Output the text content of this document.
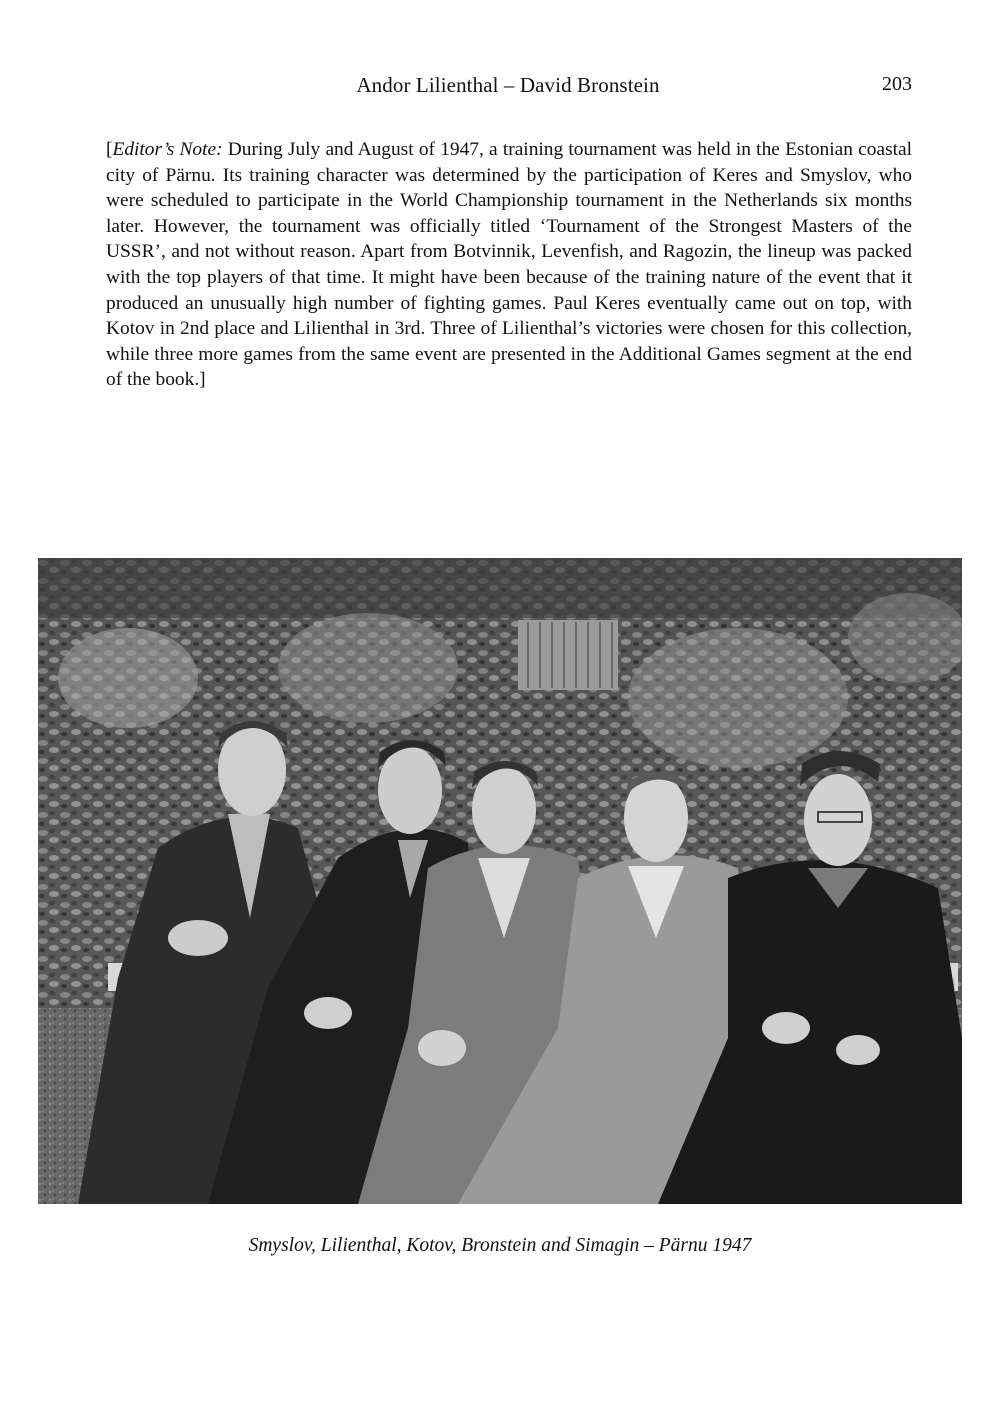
Andor Lilienthal – David Bronstein	203

[Editor’s Note: During July and August of 1947, a training tournament was held in the Estonian coastal city of Pärnu. Its training character was determined by the participation of Keres and Smyslov, who were scheduled to participate in the World Championship tournament in the Netherlands six months later. However, the tournament was officially titled ‘Tournament of the Strongest Masters of the USSR’, and not without reason. Apart from Botvinnik, Levenfish, and Ragozin, the lineup was packed with the top players of that time. It might have been because of the training nature of the event that it produced an unusually high number of fighting games. Paul Keres eventually came out on top, with Kotov in 2nd place and Lilienthal in 3rd. Three of Lilienthal’s victories were chosen for this collection, while three more games from the same event are presented in the Additional Games segment at the end of the book.]

Smyslov, Lilienthal, Kotov, Bronstein and Simagin – Pärnu 1947
